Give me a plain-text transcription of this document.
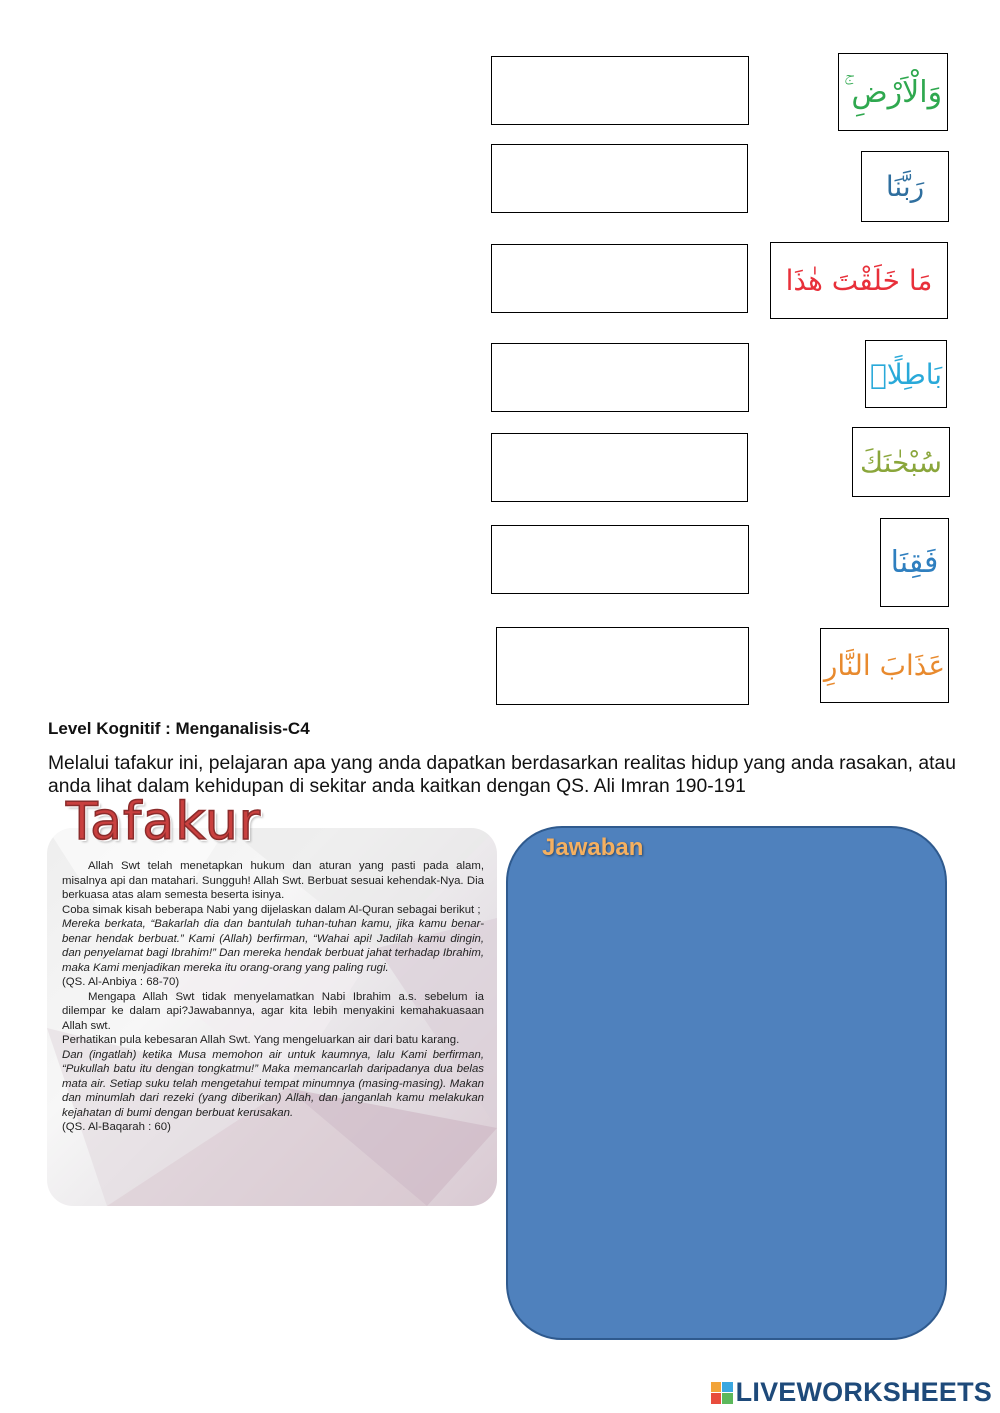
وَالْاَرْضِ ۚ
رَبَّنَا
مَا خَلَقْتَ هٰذَا
بَاطِلًاۚ
سُبْحٰنَكَ
فَقِنَا
عَذَابَ النَّارِ
Level Kognitif : Menganalisis-C4
Melalui tafakur ini, pelajaran apa yang anda dapatkan berdasarkan realitas hidup yang anda rasakan, atau anda lihat dalam kehidupan di sekitar anda kaitkan dengan QS. Ali Imran 190-191
Tafakur

Allah Swt telah menetapkan hukum dan aturan yang pasti pada alam, misalnya api dan matahari. Sungguh! Allah Swt. Berbuat sesuai kehendak-Nya. Dia berkuasa atas alam semesta beserta isinya.

Coba simak kisah beberapa Nabi yang dijelaskan dalam Al-Quran sebagai berikut ;

Mereka berkata, “Bakarlah dia dan bantulah tuhan-tuhan kamu, jika kamu benar-benar hendak berbuat.” Kami (Allah) berfirman, “Wahai api! Jadilah kamu dingin, dan penyelamat bagi Ibrahim!” Dan mereka hendak berbuat jahat terhadap Ibrahim, maka Kami menjadikan mereka itu orang-orang yang paling rugi.

(QS. Al-Anbiya : 68-70)

Mengapa Allah Swt tidak menyelamatkan Nabi Ibrahim a.s. sebelum ia dilempar ke dalam api?Jawabannya, agar kita lebih menyakini kemahakuasaan Allah swt.

Perhatikan pula kebesaran Allah Swt. Yang mengeluarkan air dari batu karang.

Dan (ingatlah) ketika Musa memohon air untuk kaumnya, lalu Kami berfirman, “Pukullah batu itu dengan tongkatmu!” Maka memancarlah daripadanya dua belas mata air. Setiap suku telah mengetahui tempat minumnya (masing-masing). Makan dan minumlah dari rezeki (yang diberikan) Allah, dan janganlah kamu melakukan kejahatan di bumi dengan berbuat kerusakan.

(QS. Al-Baqarah : 60)

Jawaban
LIVEWORKSHEETS
